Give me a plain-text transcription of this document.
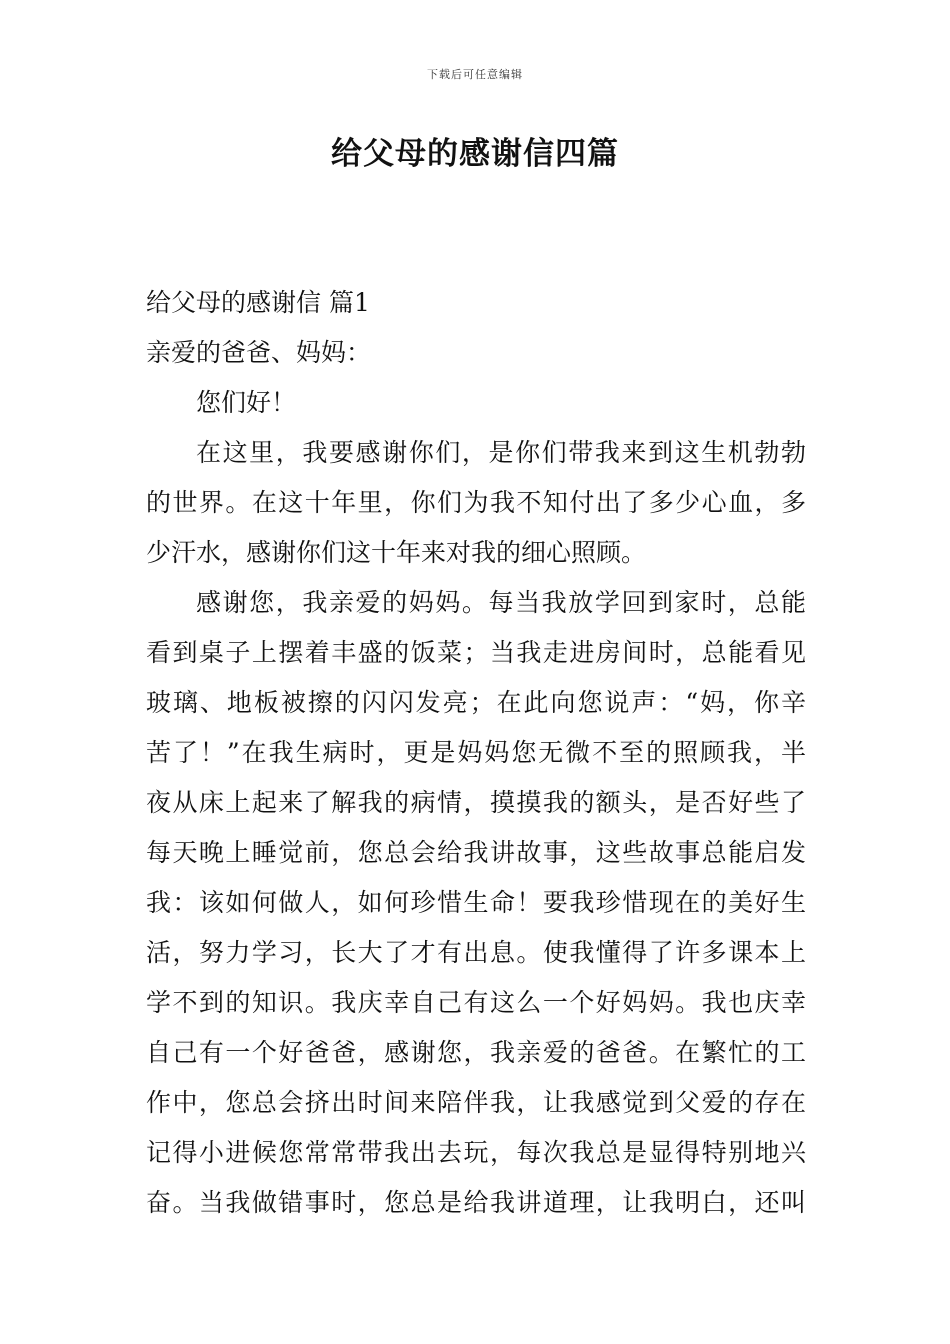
下载后可任意编辑
给父母的感谢信四篇
给父母的感谢信 篇1
亲爱的爸爸、妈妈：
您们好！
在这里，我要感谢你们，是你们带我来到这生机勃勃
的世界。在这十年里，你们为我不知付出了多少心血，多
少汗水，感谢你们这十年来对我的细心照顾。
感谢您，我亲爱的妈妈。每当我放学回到家时，总能
看到桌子上摆着丰盛的饭菜；当我走进房间时，总能看见
玻璃、地板被擦的闪闪发亮；在此向您说声：“妈，你辛
苦了！”在我生病时，更是妈妈您无微不至的照顾我，半
夜从床上起来了解我的病情，摸摸我的额头，是否好些了
每天晚上睡觉前，您总会给我讲故事，这些故事总能启发
我：该如何做人，如何珍惜生命！要我珍惜现在的美好生
活，努力学习，长大了才有出息。使我懂得了许多课本上
学不到的知识。我庆幸自己有这么一个好妈妈。我也庆幸
自己有一个好爸爸，感谢您，我亲爱的爸爸。在繁忙的工
作中，您总会挤出时间来陪伴我，让我感觉到父爱的存在
记得小进候您常常带我出去玩，每次我总是显得特别地兴
奋。当我做错事时，您总是给我讲道理，让我明白，还叫
